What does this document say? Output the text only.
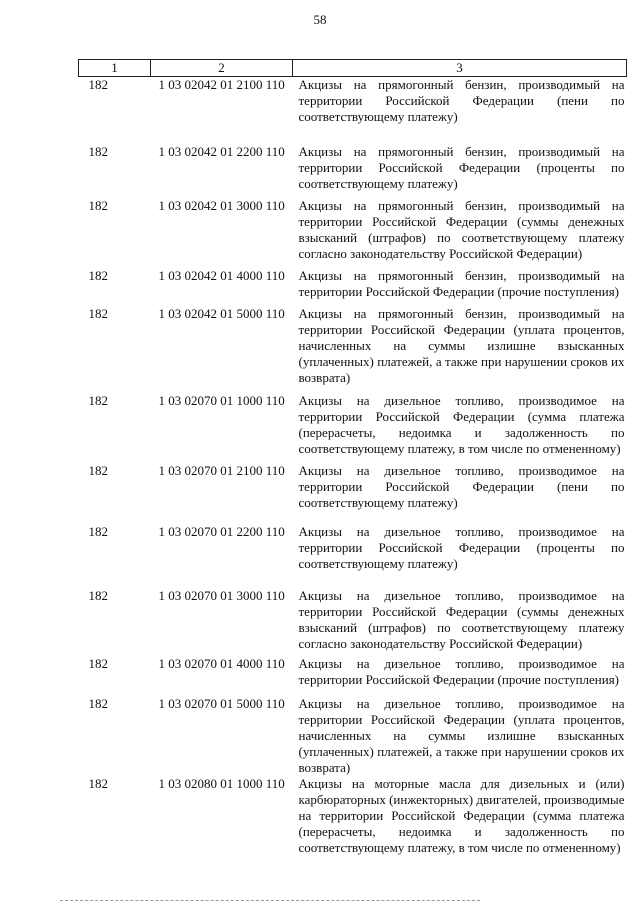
58
1	2	3
182	1 03 02042 01 2100 110	Акцизы на прямогонный бензин, производимый на территории Российской Федерации (пени по соответствующему платежу)
182	1 03 02042 01 2200 110	Акцизы на прямогонный бензин, производимый на территории Российской Федерации (проценты по соответствующему платежу)
182	1 03 02042 01 3000 110	Акцизы на прямогонный бензин, производимый на территории Российской Федерации (суммы денежных взысканий (штрафов) по соответствующему платежу согласно законодательству Российской Федерации)
182	1 03 02042 01 4000 110	Акцизы на прямогонный бензин, производимый на территории Российской Федерации (прочие поступления)
182	1 03 02042 01 5000 110	Акцизы на прямогонный бензин, производимый на территории Российской Федерации (уплата процентов, начисленных на суммы излишне взысканных (уплаченных) платежей, а также при нарушении сроков их возврата)
182	1 03 02070 01 1000 110	Акцизы на дизельное топливо, производимое на территории Российской Федерации (сумма платежа (перерасчеты, недоимка и задолженность по соответствующему платежу, в том числе по отмененному)
182	1 03 02070 01 2100 110	Акцизы на дизельное топливо, производимое на территории Российской Федерации (пени по соответствующему платежу)
182	1 03 02070 01 2200 110	Акцизы на дизельное топливо, производимое на территории Российской Федерации (проценты по соответствующему платежу)
182	1 03 02070 01 3000 110	Акцизы на дизельное топливо, производимое на территории Российской Федерации (суммы денежных взысканий (штрафов) по соответствующему платежу согласно законодательству Российской Федерации)
182	1 03 02070 01 4000 110	Акцизы на дизельное топливо, производимое на территории Российской Федерации (прочие поступления)
182	1 03 02070 01 5000 110	Акцизы на дизельное топливо, производимое на территории Российской Федерации (уплата процентов, начисленных на суммы излишне взысканных (уплаченных) платежей, а также при нарушении сроков их возврата)
182	1 03 02080 01 1000 110	Акцизы на моторные масла для дизельных и (или) карбюраторных (инжекторных) двигателей, производимые на территории Российской Федерации (сумма платежа (перерасчеты, недоимка и задолженность по соответствующему платежу, в том числе по отмененному)
